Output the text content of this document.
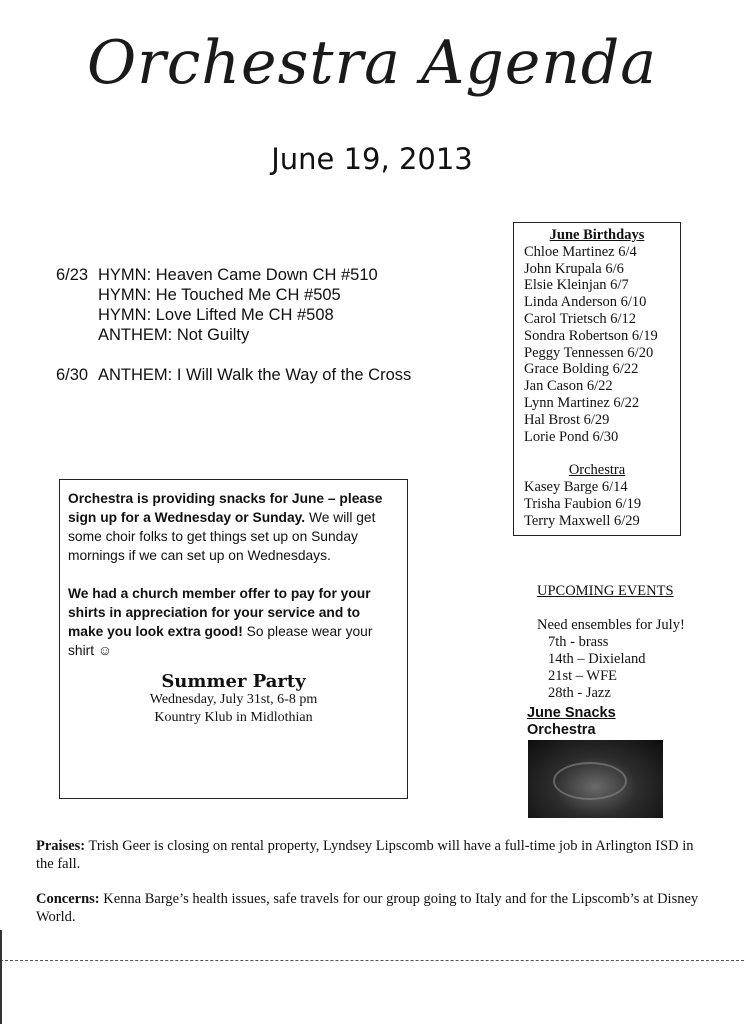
Orchestra Agenda
June 19, 2013
6/23 HYMN: Heaven Came Down CH #510
HYMN: He Touched Me CH #505
HYMN: Love Lifted Me CH #508
ANTHEM: Not Guilty
6/30 ANTHEM: I Will Walk the Way of the Cross
June Birthdays
Chloe Martinez 6/4
John Krupala 6/6
Elsie Kleinjan 6/7
Linda Anderson 6/10
Carol Trietsch 6/12
Sondra Robertson 6/19
Peggy Tennessen 6/20
Grace Bolding 6/22
Jan Cason 6/22
Lynn Martinez 6/22
Hal Brost 6/29
Lorie Pond 6/30
Orchestra
Kasey Barge 6/14
Trisha Faubion 6/19
Terry Maxwell 6/29

Orchestra is providing snacks for June – please sign up for a Wednesday or Sunday. We will get some choir folks to get things set up on Sunday mornings if we can set up on Wednesdays.

We had a church member offer to pay for your shirts in appreciation for your service and to make you look extra good! So please wear your shirt ☺

Summer Party
Wednesday, July 31st, 6-8 pm
Kountry Klub in Midlothian
UPCOMING EVENTS
Need ensembles for July!
7th - brass
14th – Dixieland
21st – WFE
28th - Jazz
June Snacks
Orchestra
Praises: Trish Geer is closing on rental property, Lyndsey Lipscomb will have a full-time job in Arlington ISD in the fall.
Concerns: Kenna Barge’s health issues, safe travels for our group going to Italy and for the Lipscomb’s at Disney World.
